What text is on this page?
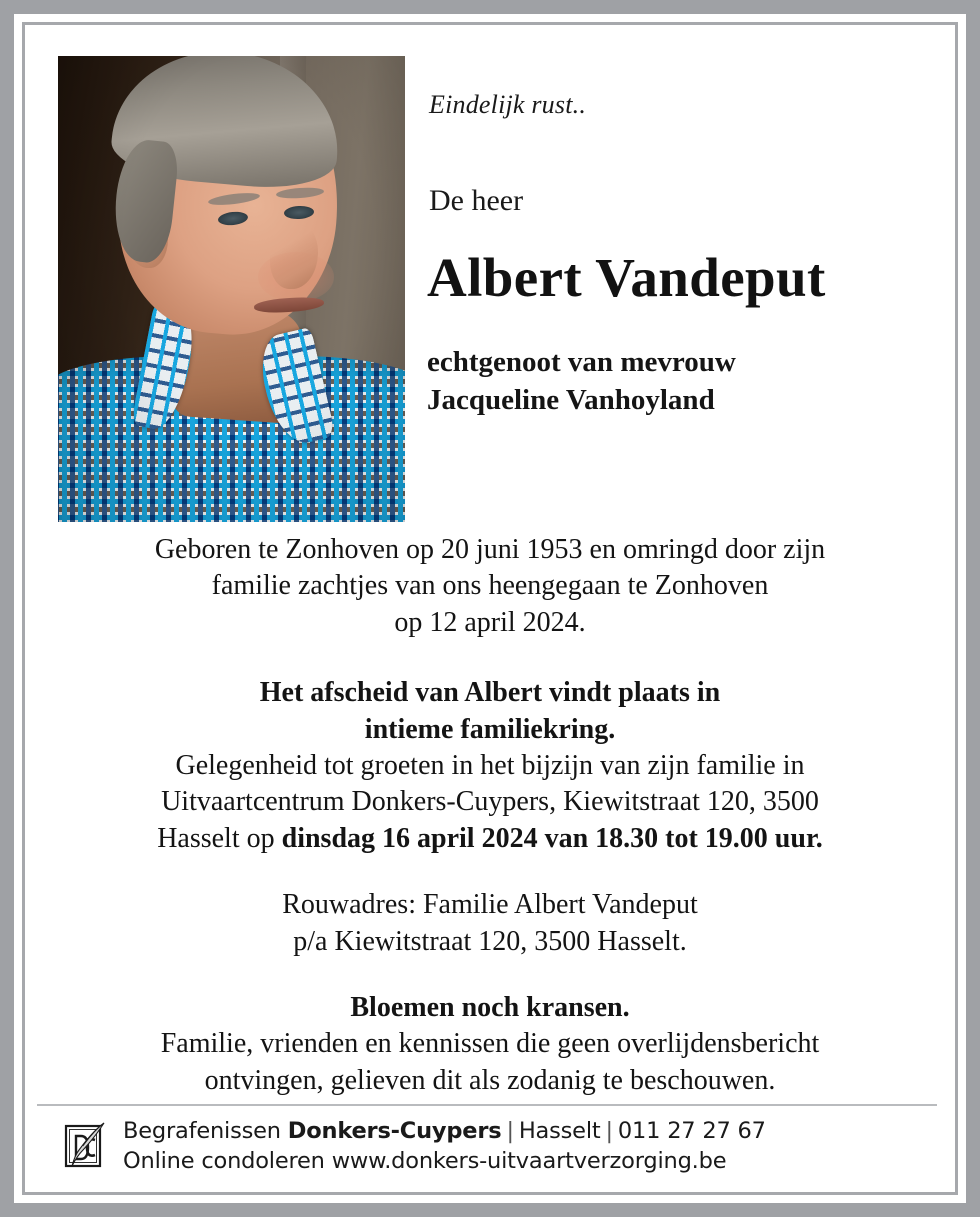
Eindelijk rust..
De heer
Albert Vandeput
echtgenoot van mevrouw
Jacqueline Vanhoyland
Geboren te Zonhoven op 20 juni 1953 en omringd door zijn
familie zachtjes van ons heengegaan te Zonhoven
op 12 april 2024.
Het afscheid van Albert vindt plaats in
intieme familiekring.
Gelegenheid tot groeten in het bijzijn van zijn familie in
Uitvaartcentrum Donkers-Cuypers, Kiewitstraat 120, 3500
Hasselt op dinsdag 16 april 2024 van 18.30 tot 19.00 uur.
Rouwadres: Familie Albert Vandeput
p/a Kiewitstraat 120, 3500 Hasselt.
Bloemen noch kransen.
Familie, vrienden en kennissen die geen overlijdensbericht
ontvingen, gelieven dit als zodanig te beschouwen.
Begrafenissen Donkers-Cuypers | Hasselt | 011 27 27 67
Online condoleren www.donkers-uitvaartverzorging.be
